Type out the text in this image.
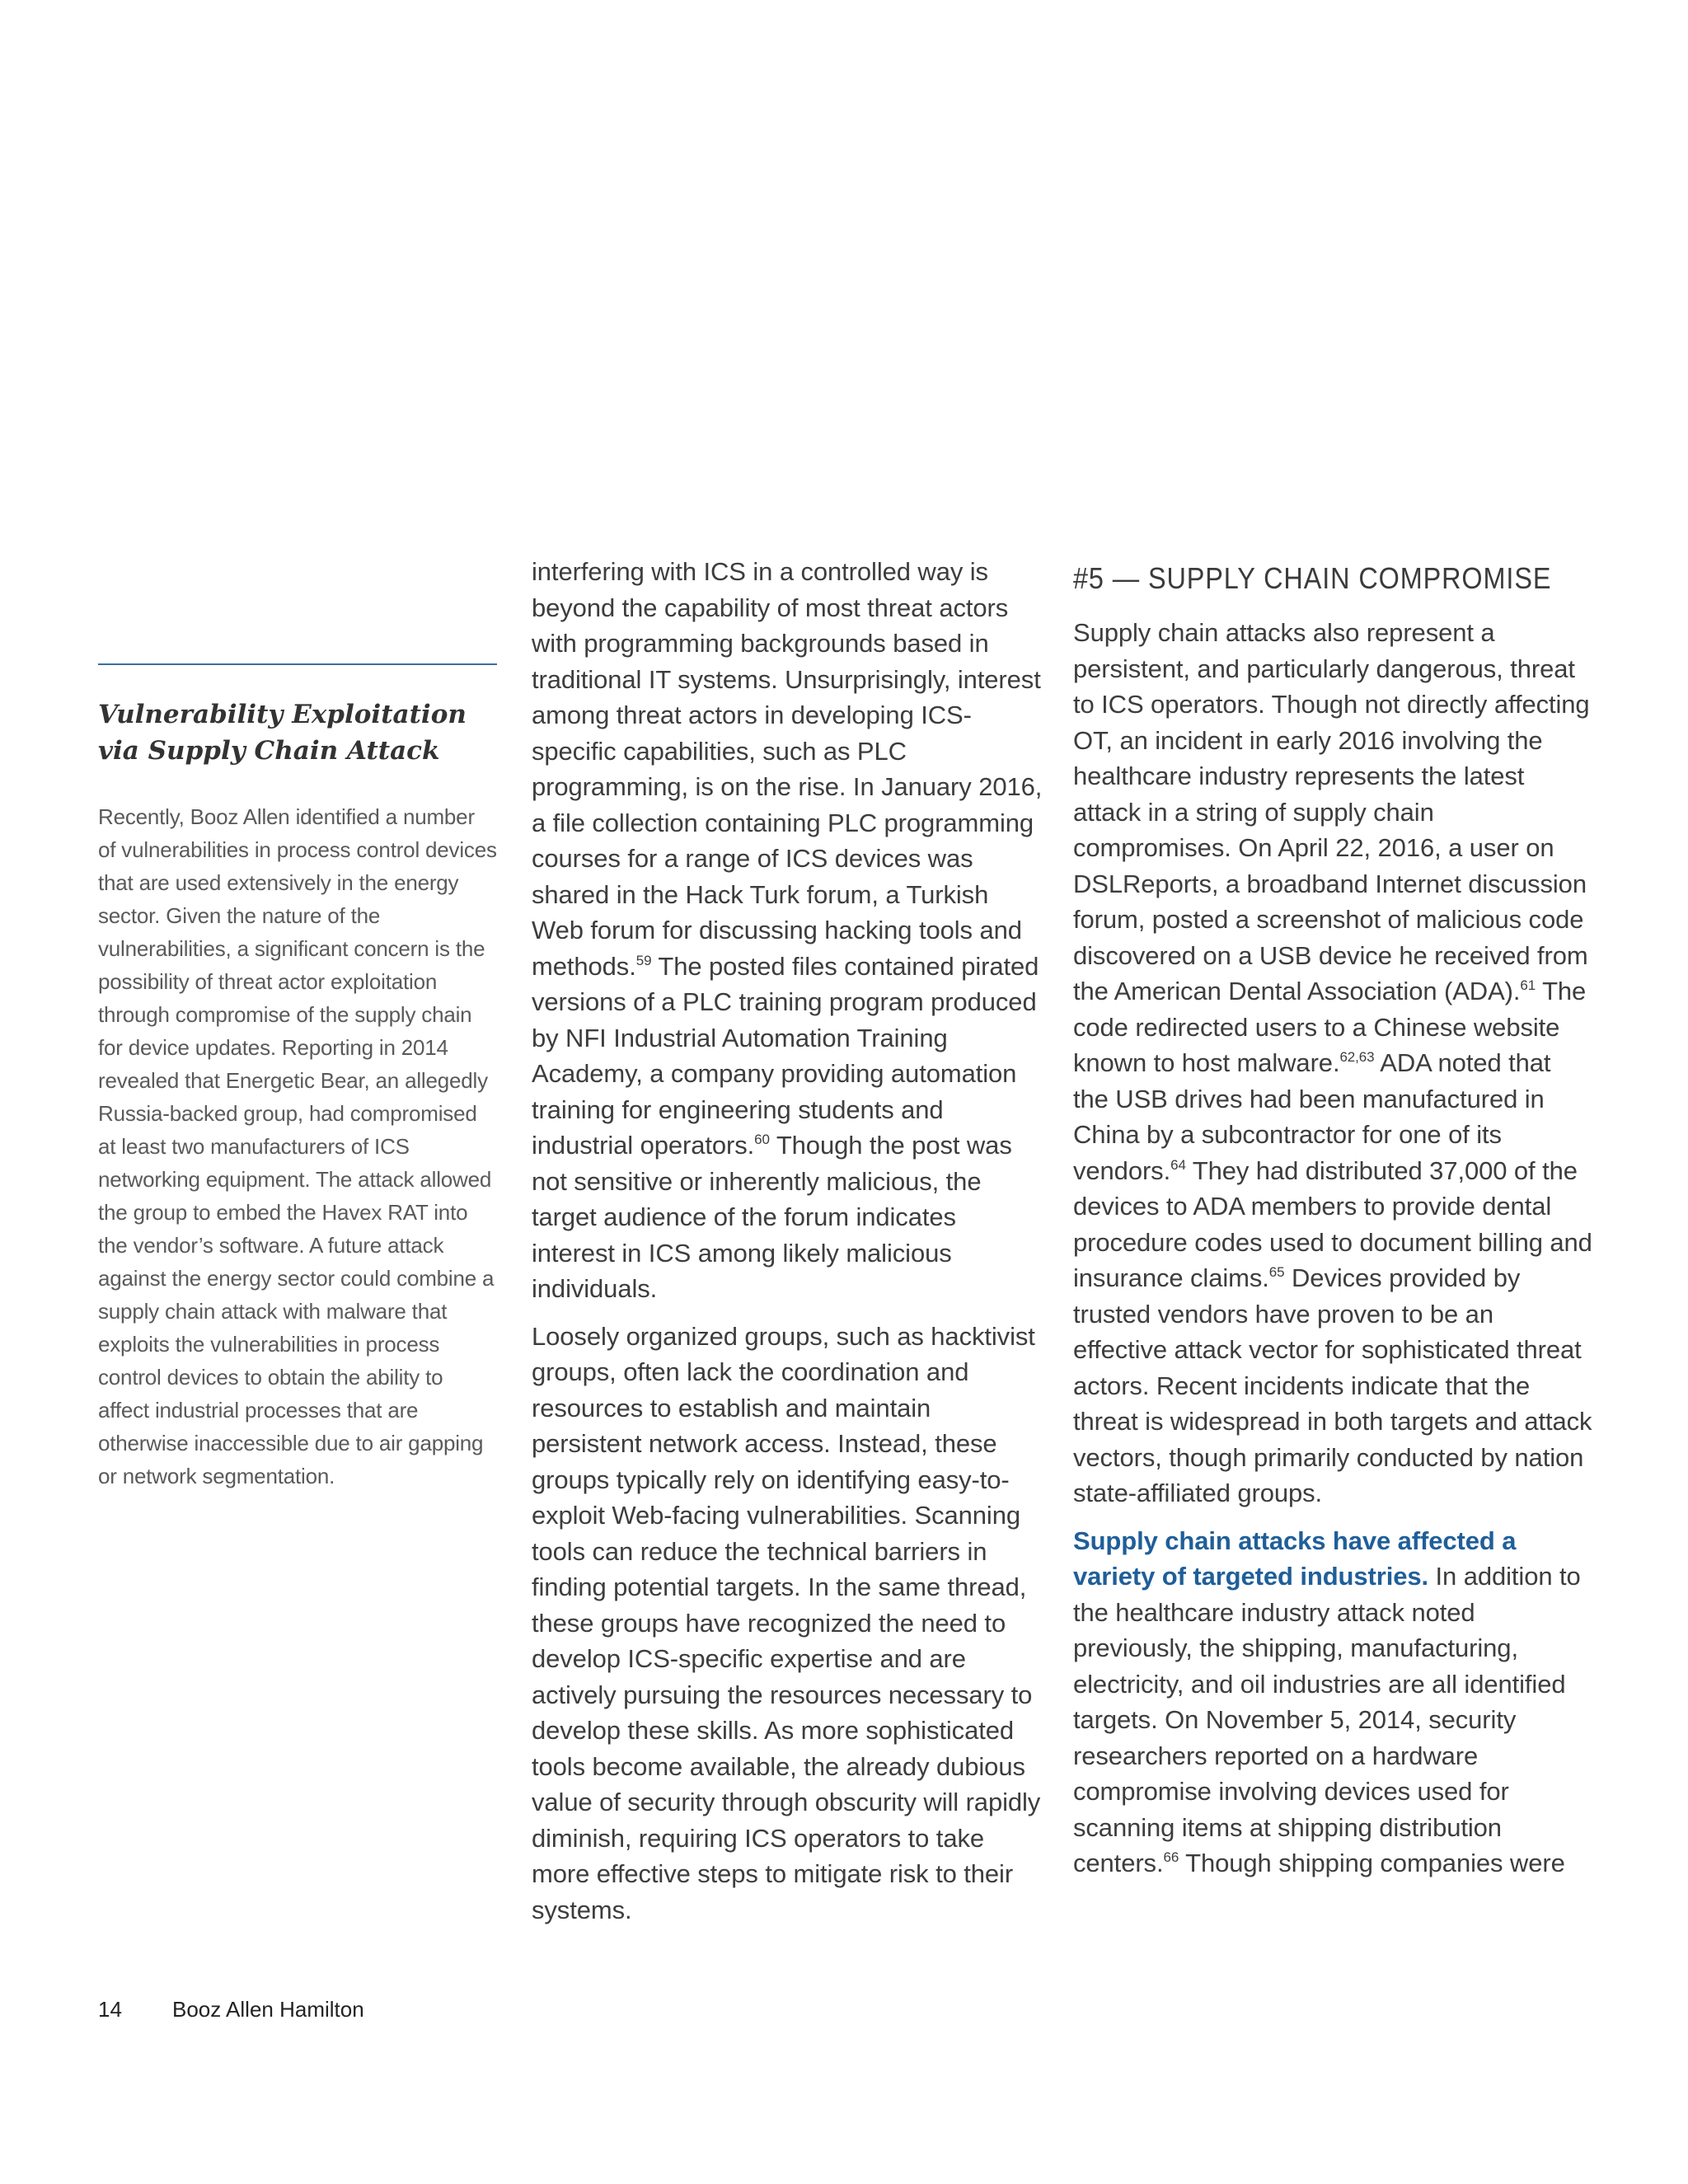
Vulnerability Exploitation
via Supply Chain Attack

Recently, Booz Allen identified a number of vulnerabilities in process control devices that are used extensively in the energy sector. Given the nature of the vulnerabilities, a significant concern is the possibility of threat actor exploitation through compromise of the supply chain for device updates. Reporting in 2014 revealed that Energetic Bear, an allegedly Russia-backed group, had compromised at least two manufacturers of ICS networking equipment. The attack allowed the group to embed the Havex RAT into the vendor’s software. A future attack against the energy sector could combine a supply chain attack with malware that exploits the vulnerabilities in process control devices to obtain the ability to affect industrial processes that are otherwise inaccessible due to air gapping or network segmentation.

interfering with ICS in a controlled way is beyond the capability of most threat actors with programming backgrounds based in traditional IT systems. Unsurprisingly, interest among threat actors in developing ICS-specific capabilities, such as PLC programming, is on the rise. In January 2016, a file collection containing PLC programming courses for a range of ICS devices was shared in the Hack Turk forum, a Turkish Web forum for discussing hacking tools and methods.$^{59}$ The posted files contained pirated versions of a PLC training program produced by NFI Industrial Automation Training Academy, a company providing automation training for engineering students and industrial operators.$^{60}$ Though the post was not sensitive or inherently malicious, the target audience of the forum indicates interest in ICS among likely malicious individuals.

Loosely organized groups, such as hacktivist groups, often lack the coordination and resources to establish and maintain persistent network access. Instead, these groups typically rely on identifying easy-to-exploit Web-facing vulnerabilities. Scanning tools can reduce the technical barriers in finding potential targets. In the same thread, these groups have recognized the need to develop ICS-specific expertise and are actively pursuing the resources necessary to develop these skills. As more sophisticated tools become available, the already dubious value of security through obscurity will rapidly diminish, requiring ICS operators to take more effective steps to mitigate risk to their systems.

#5 — SUPPLY CHAIN COMPROMISE

Supply chain attacks also represent a persistent, and particularly dangerous, threat to ICS operators. Though not directly affecting OT, an incident in early 2016 involving the healthcare industry represents the latest attack in a string of supply chain compromises. On April 22, 2016, a user on DSLReports, a broadband Internet discussion forum, posted a screenshot of malicious code discovered on a USB device he received from the American Dental Association (ADA).$^{61}$ The code redirected users to a Chinese website known to host malware.$^{62,63}$ ADA noted that the USB drives had been manufactured in China by a subcontractor for one of its vendors.$^{64}$ They had distributed 37,000 of the devices to ADA members to provide dental procedure codes used to document billing and insurance claims.$^{65}$ Devices provided by trusted vendors have proven to be an effective attack vector for sophisticated threat actors. Recent incidents indicate that the threat is widespread in both targets and attack vectors, though primarily conducted by nation state-affiliated groups.

Supply chain attacks have affected a variety of targeted industries. In addition to the healthcare industry attack noted previously, the shipping, manufacturing, electricity, and oil industries are all identified targets. On November 5, 2014, security researchers reported on a hardware compromise involving devices used for scanning items at shipping distribution centers.$^{66}$ Though shipping companies were

14 Booz Allen Hamilton
